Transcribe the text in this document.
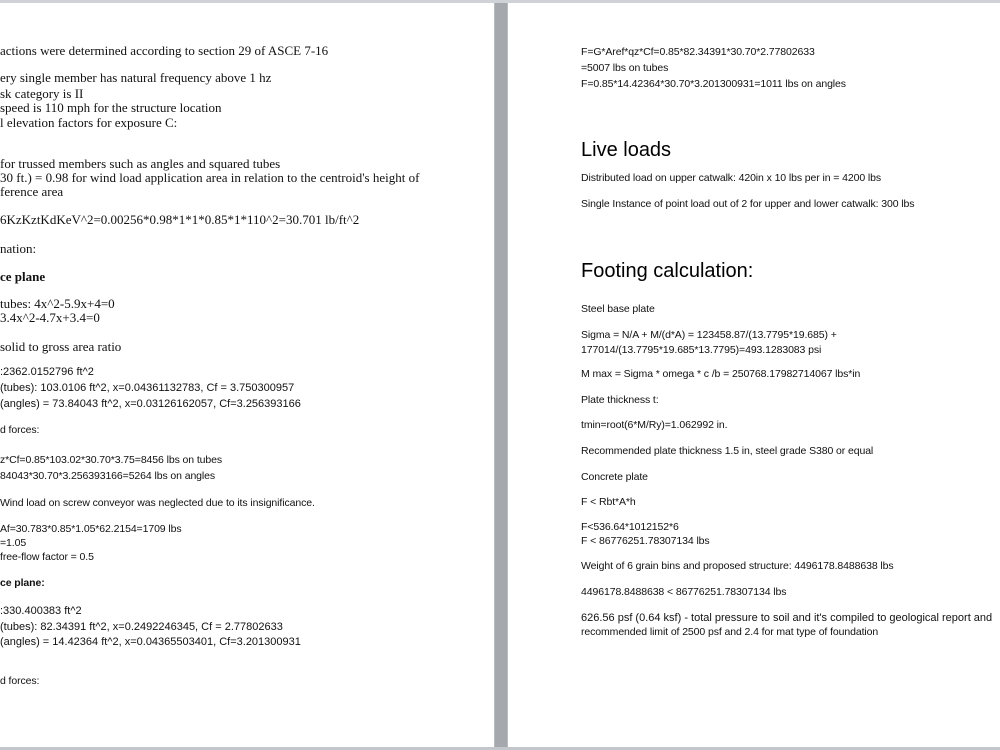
actions were determined according to section 29 of ASCE 7-16
ery single member has natural frequency above 1 hz
sk category is II
speed is 110 mph for the structure location
l elevation factors for exposure C:
for trussed members such as angles and squared tubes
30 ft.) = 0.98 for wind load application area in relation to the centroid's height of
ference area
6KzKztKdKeV^2=0.00256*0.98*1*1*0.85*1*110^2=30.701 lb/ft^2
nation:
ce plane
tubes: 4x^2-5.9x+4=0
3.4x^2-4.7x+3.4=0
solid to gross area ratio
:2362.0152796 ft^2
(tubes): 103.0106 ft^2, x=0.04361132783, Cf = 3.750300957
(angles) = 73.84043 ft^2, x=0.03126162057, Cf=3.256393166
d forces:
z*Cf=0.85*103.02*30.70*3.75=8456 lbs on tubes
84043*30.70*3.256393166=5264 lbs on angles
Wind load on screw conveyor was neglected due to its insignificance.
Af=30.783*0.85*1.05*62.2154=1709 lbs
=1.05
free-flow factor = 0.5
ce plane:
:330.400383 ft^2
(tubes): 82.34391 ft^2, x=0.2492246345, Cf = 2.77802633
(angles) = 14.42364 ft^2, x=0.04365503401, Cf=3.201300931
d forces:
F=G*Aref*qz*Cf=0.85*82.34391*30.70*2.77802633
=5007 lbs on tubes
F=0.85*14.42364*30.70*3.201300931=1011 lbs on angles
Live loads
Distributed load on upper catwalk: 420in x 10 lbs per in = 4200 lbs
Single Instance of point load out of 2 for upper and lower catwalk: 300 lbs
Footing calculation:
Steel base plate
Sigma = N/A + M/(d*A) = 123458.87/(13.7795*19.685) +
177014/(13.7795*19.685*13.7795)=493.1283083 psi
M max = Sigma * omega * c /b = 250768.17982714067 lbs*in
Plate thickness t:
tmin=root(6*M/Ry)=1.062992 in.
Recommended plate thickness 1.5 in, steel grade S380 or equal
Concrete plate
F < Rbt*A*h
F<536.64*1012152*6
F < 86776251.78307134 lbs
Weight of 6 grain bins and proposed structure: 4496178.8488638 lbs
4496178.8488638 < 86776251.78307134 lbs
626.56 psf (0.64 ksf) - total pressure to soil and it's compiled to geological report and
recommended limit of 2500 psf and 2.4 for mat type of foundation
